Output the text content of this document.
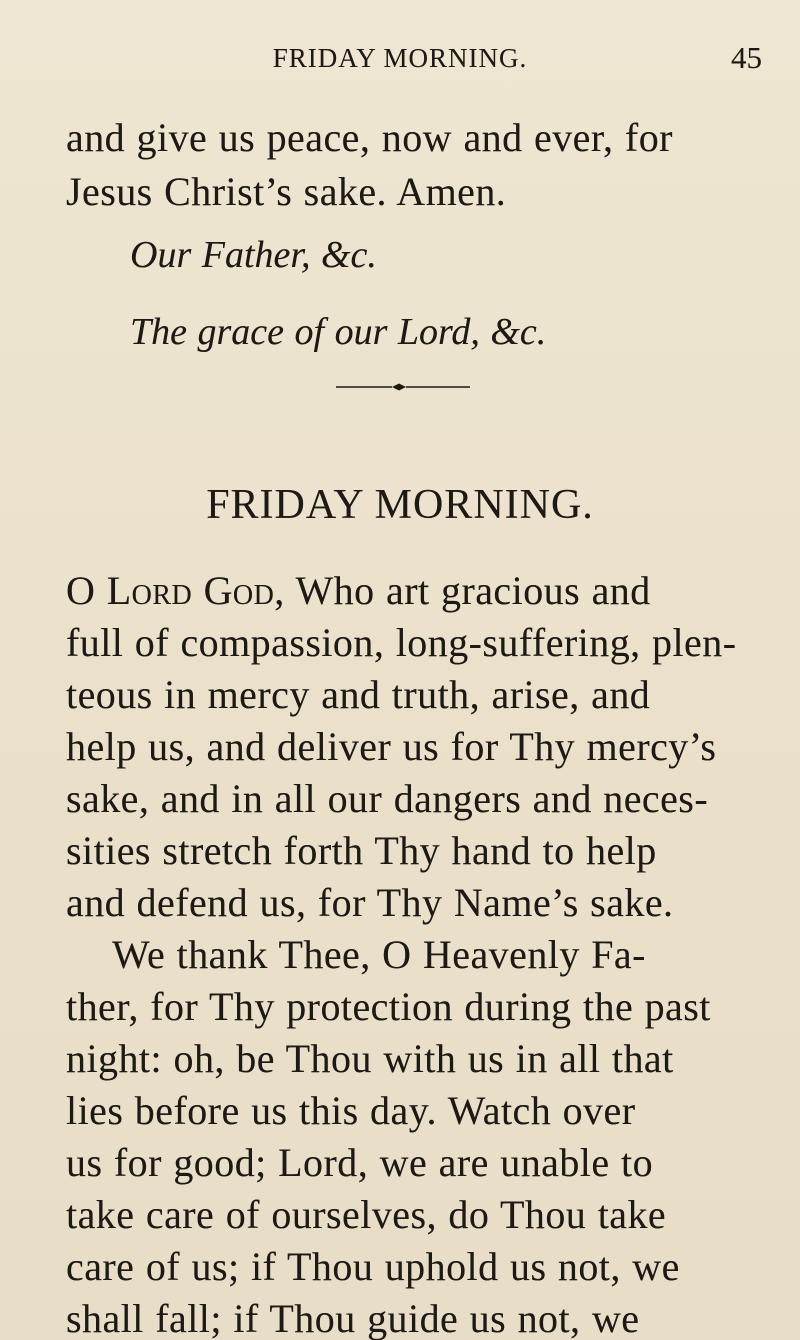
FRIDAY MORNING.	45
and give us peace, now and ever, for
Jesus Christ’s sake. Amen.
Our Father, &c.
The grace of our Lord, &c.
FRIDAY MORNING.
O Lord God, Who art gracious and
full of compassion, long-suffering, plen-
teous in mercy and truth, arise, and
help us, and deliver us for Thy mercy’s
sake, and in all our dangers and neces-
sities stretch forth Thy hand to help
and defend us, for Thy Name’s sake.
We thank Thee, O Heavenly Fa-
ther, for Thy protection during the past
night: oh, be Thou with us in all that
lies before us this day. Watch over
us for good; Lord, we are unable to
take care of ourselves, do Thou take
care of us; if Thou uphold us not, we
shall fall; if Thou guide us not, we
